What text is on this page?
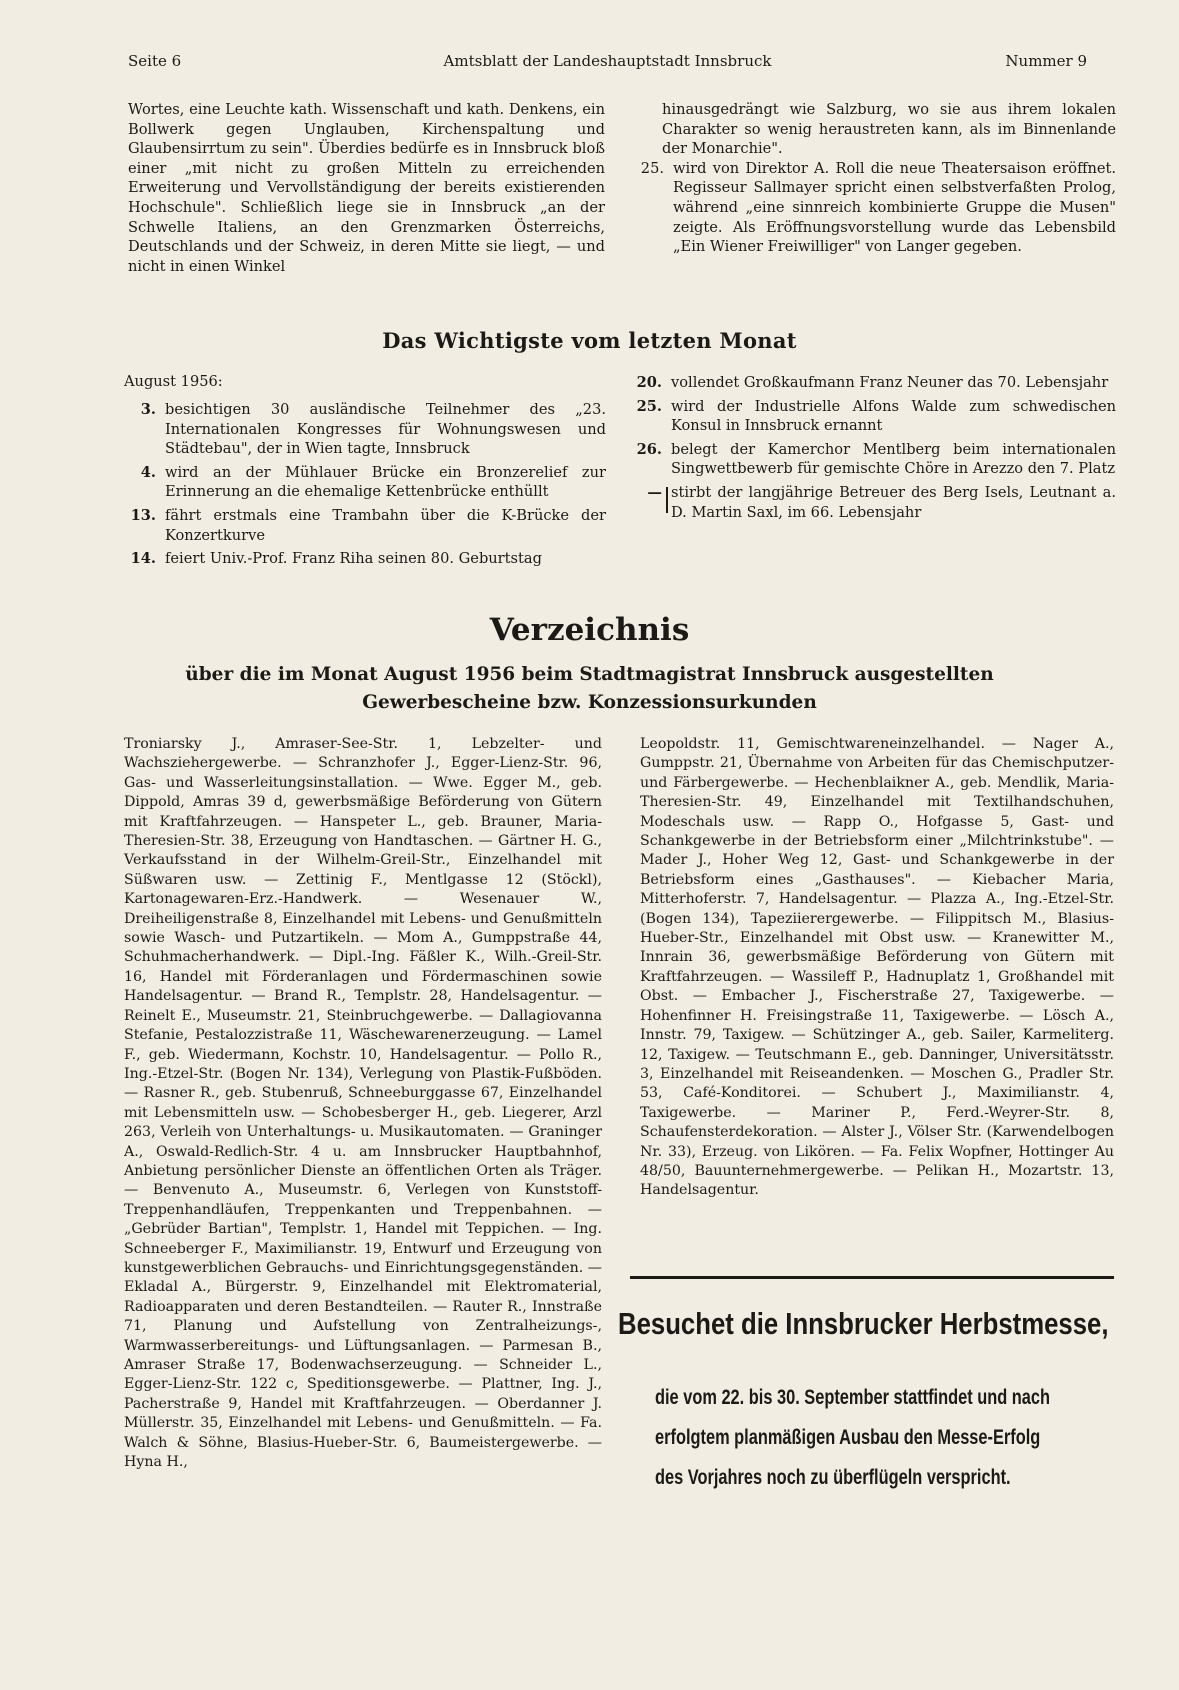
Seite 6	Amtsblatt der Landeshauptstadt Innsbruck	Nummer 9

Wortes, eine Leuchte kath. Wissenschaft und kath. Denkens, ein Bollwerk gegen Unglauben, Kirchenspaltung und Glaubensirrtum zu sein". Überdies bedürfe es in Innsbruck bloß einer „mit nicht zu großen Mitteln zu erreichenden Erweiterung und Vervollständigung der bereits existierenden Hochschule". Schließlich liege sie in Innsbruck „an der Schwelle Italiens, an den Grenzmarken Österreichs, Deutschlands und der Schweiz, in deren Mitte sie liegt, — und nicht in einen Winkel

hinausgedrängt wie Salzburg, wo sie aus ihrem lokalen Charakter so wenig heraustreten kann, als im Binnenlande der Monarchie".

25. wird von Direktor A. Roll die neue Theatersaison eröffnet. Regisseur Sallmayer spricht einen selbstverfaßten Prolog, während „eine sinnreich kombinierte Gruppe die Musen" zeigte. Als Eröffnungsvorstellung wurde das Lebensbild „Ein Wiener Freiwilliger" von Langer gegeben.
Das Wichtigste vom letzten Monat
August 1956:
3. besichtigen 30 ausländische Teilnehmer des „23. Internationalen Kongresses für Wohnungswesen und Städtebau", der in Wien tagte, Innsbruck
4. wird an der Mühlauer Brücke ein Bronzerelief zur Erinnerung an die ehemalige Kettenbrücke enthüllt
13. fährt erstmals eine Trambahn über die K-Brücke der Konzertkurve
14. feiert Univ.-Prof. Franz Riha seinen 80. Geburtstag
20. vollendet Großkaufmann Franz Neuner das 70. Lebensjahr
25. wird der Industrielle Alfons Walde zum schwedischen Konsul in Innsbruck ernannt
26. belegt der Kamerchor Mentlberg beim internationalen Singwettbewerb für gemischte Chöre in Arezzo den 7. Platz
— stirbt der langjährige Betreuer des Berg Isels, Leutnant a. D. Martin Saxl, im 66. Lebensjahr
Verzeichnis
über die im Monat August 1956 beim Stadtmagistrat Innsbruck ausgestellten
Gewerbescheine bzw. Konzessionsurkunden

Troniarsky J., Amraser-See-Str. 1, Lebzelter- und Wachsziehergewerbe. — Schranzhofer J., Egger-Lienz-Str. 96, Gas- und Wasserleitungsinstallation. — Wwe. Egger M., geb. Dippold, Amras 39 d, gewerbsmäßige Beförderung von Gütern mit Kraftfahrzeugen. — Hanspeter L., geb. Brauner, Maria-Theresien-Str. 38, Erzeugung von Handtaschen. — Gärtner H. G., Verkaufsstand in der Wilhelm-Greil-Str., Einzelhandel mit Süßwaren usw. — Zettinig F., Mentlgasse 12 (Stöckl), Kartonagewaren-Erz.-Handwerk. — Wesenauer W., Dreiheiligenstraße 8, Einzelhandel mit Lebens- und Genußmitteln sowie Wasch- und Putzartikeln. — Mom A., Gumppstraße 44, Schuhmacherhandwerk. — Dipl.-Ing. Fäßler K., Wilh.-Greil-Str. 16, Handel mit Förderanlagen und Fördermaschinen sowie Handelsagentur. — Brand R., Templstr. 28, Handelsagentur. — Reinelt E., Museumstr. 21, Steinbruchgewerbe. — Dallagiovanna Stefanie, Pestalozzistraße 11, Wäschewarenerzeugung. — Lamel F., geb. Wiedermann, Kochstr. 10, Handelsagentur. — Pollo R., Ing.-Etzel-Str. (Bogen Nr. 134), Verlegung von Plastik-Fußböden. — Rasner R., geb. Stubenruß, Schneeburggasse 67, Einzelhandel mit Lebensmitteln usw. — Schobesberger H., geb. Liegerer, Arzl 263, Verleih von Unterhaltungs- u. Musikautomaten. — Graninger A., Oswald-Redlich-Str. 4 u. am Innsbrucker Hauptbahnhof, Anbietung persönlicher Dienste an öffentlichen Orten als Träger. — Benvenuto A., Museumstr. 6, Verlegen von Kunststoff-Treppenhandläufen, Treppenkanten und Treppenbahnen. — „Gebrüder Bartian", Templstr. 1, Handel mit Teppichen. — Ing. Schneeberger F., Maximilianstr. 19, Entwurf und Erzeugung von kunstgewerblichen Gebrauchs- und Einrichtungsgegenständen. — Ekladal A., Bürgerstr. 9, Einzelhandel mit Elektromaterial, Radioapparaten und deren Bestandteilen. — Rauter R., Innstraße 71, Planung und Aufstellung von Zentralheizungs-, Warmwasserbereitungs- und Lüftungsanlagen. — Parmesan B., Amraser Straße 17, Bodenwachserzeugung. — Schneider L., Egger-Lienz-Str. 122 c, Speditionsgewerbe. — Plattner, Ing. J., Pacherstraße 9, Handel mit Kraftfahrzeugen. — Oberdanner J. Müllerstr. 35, Einzelhandel mit Lebens- und Genußmitteln. — Fa. Walch & Söhne, Blasius-Hueber-Str. 6, Baumeistergewerbe. — Hyna H.,

Leopoldstr. 11, Gemischtwareneinzelhandel. — Nager A., Gumppstr. 21, Übernahme von Arbeiten für das Chemischputzer- und Färbergewerbe. — Hechenblaikner A., geb. Mendlik, Maria-Theresien-Str. 49, Einzelhandel mit Textilhandschuhen, Modeschals usw. — Rapp O., Hofgasse 5, Gast- und Schankgewerbe in der Betriebsform einer „Milchtrinkstube". — Mader J., Hoher Weg 12, Gast- und Schankgewerbe in der Betriebsform eines „Gasthauses". — Kiebacher Maria, Mitterhoferstr. 7, Handelsagentur. — Plazza A., Ing.-Etzel-Str. (Bogen 134), Tapeziierergewerbe. — Filippitsch M., Blasius-Hueber-Str., Einzelhandel mit Obst usw. — Kranewitter M., Innrain 36, gewerbsmäßige Beförderung von Gütern mit Kraftfahrzeugen. — Wassileff P., Hadnuplatz 1, Großhandel mit Obst. — Embacher J., Fischerstraße 27, Taxigewerbe. — Hohenfinner H. Freisingstraße 11, Taxigewerbe. — Lösch A., Innstr. 79, Taxigew. — Schützinger A., geb. Sailer, Karmeliterg. 12, Taxigew. — Teutschmann E., geb. Danninger, Universitätsstr. 3, Einzelhandel mit Reiseandenken. — Moschen G., Pradler Str. 53, Café-Konditorei. — Schubert J., Maximilianstr. 4, Taxigewerbe. — Mariner P., Ferd.-Weyrer-Str. 8, Schaufensterdekoration. — Alster J., Völser Str. (Karwendelbogen Nr. 33), Erzeug. von Likören. — Fa. Felix Wopfner, Hottinger Au 48/50, Bauunternehmergewerbe. — Pelikan H., Mozartstr. 13, Handelsagentur.

Besuchet die Innsbrucker Herbstmesse,
die vom 22. bis 30. September stattfindet und nach
erfolgtem planmäßigen Ausbau den Messe-Erfolg
des Vorjahres noch zu überflügeln verspricht.
